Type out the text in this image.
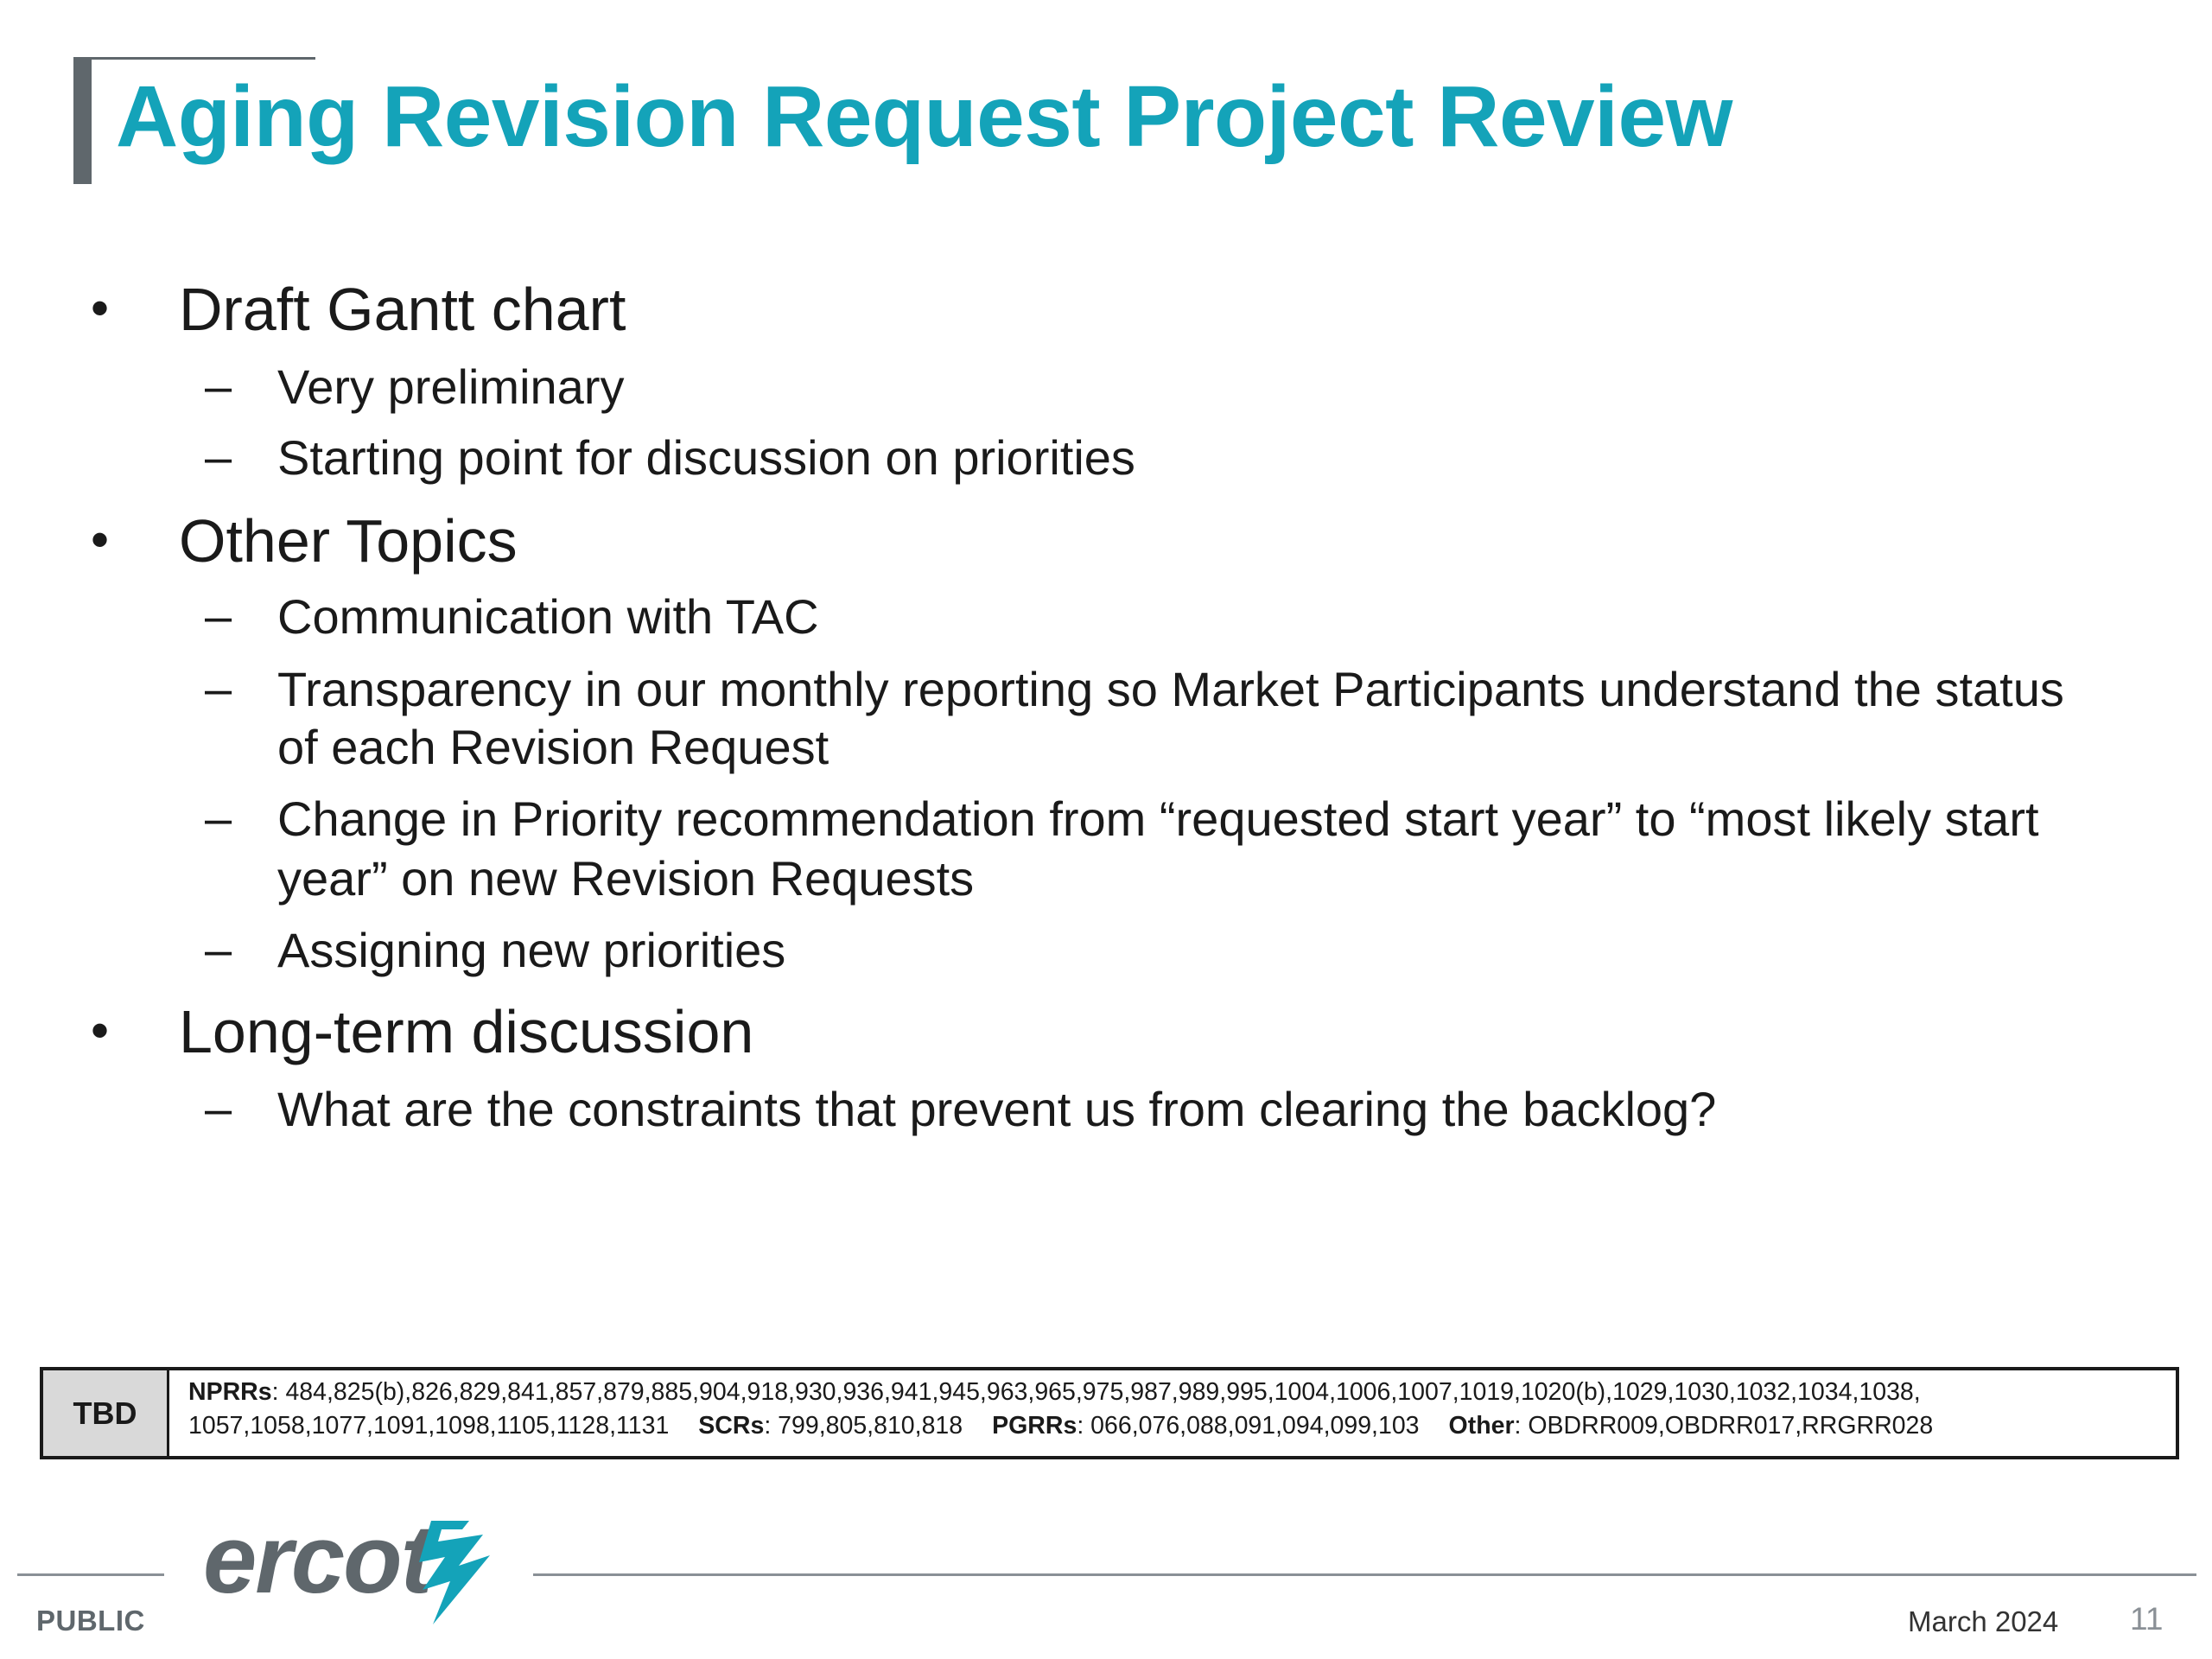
Aging Revision Request Project Review
• Draft Gantt chart
– Very preliminary
– Starting point for discussion on priorities
• Other Topics
– Communication with TAC
– Transparency in our monthly reporting so Market Participants understand the status
of each Revision Request
– Change in Priority recommendation from “requested start year” to “most likely start
year” on new Revision Requests
– Assigning new priorities
• Long-term discussion
– What are the constraints that prevent us from clearing the backlog?
TBD
NPRRs: 484,825(b),826,829,841,857,879,885,904,918,930,936,941,945,963,965,975,987,989,995,1004,1006,1007,1019,1020(b),1029,1030,1032,1034,1038,
1057,1058,1077,1091,1098,1105,1128,1131 SCRs: 799,805,810,818 PGRRs: 066,076,088,091,094,099,103 Other: OBDRR009,OBDRR017,RRGRR028
ercot
PUBLIC	March 2024 11
